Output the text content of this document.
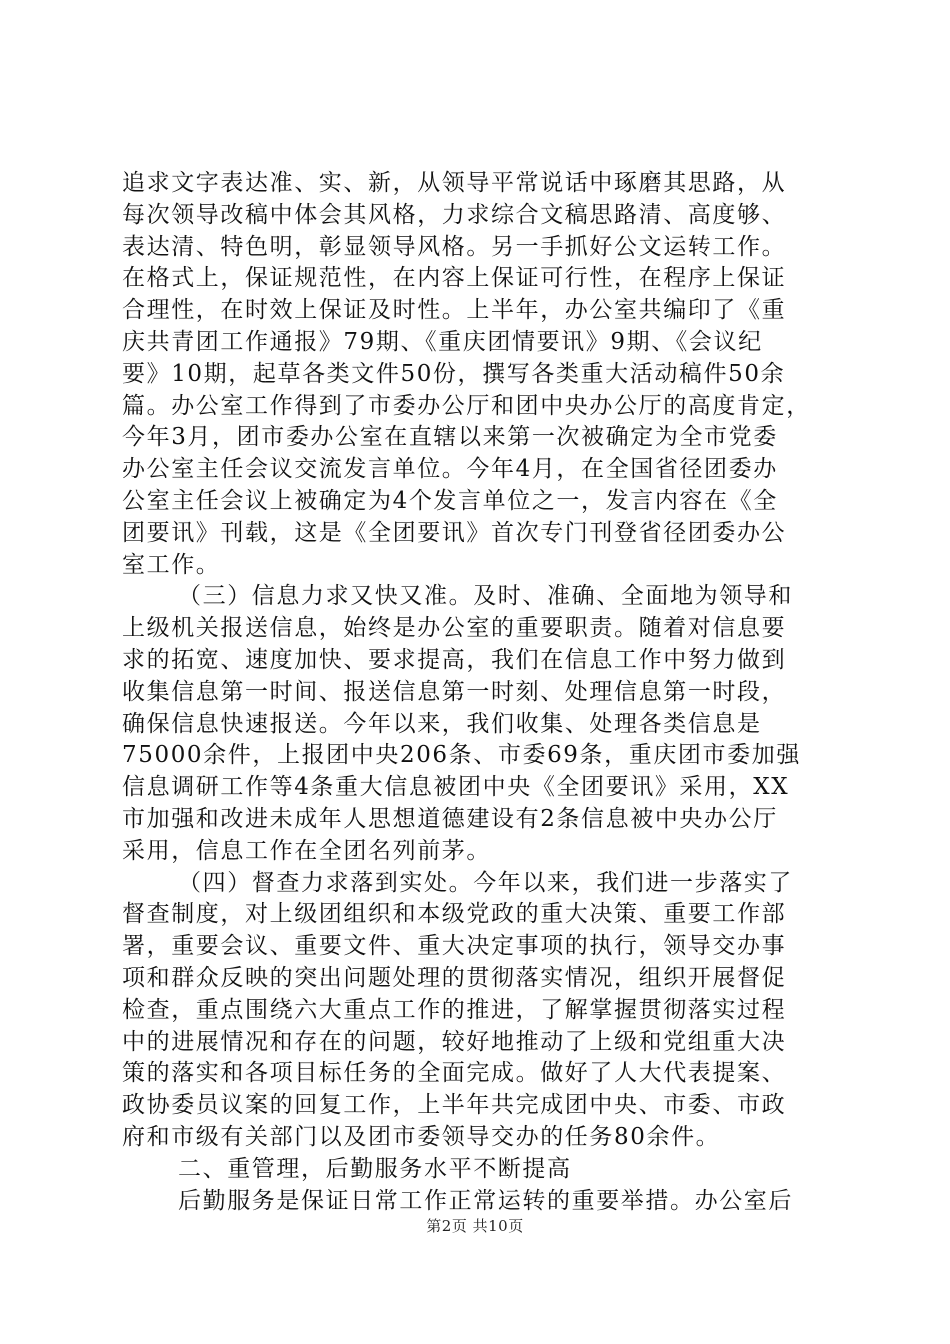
追求文字表达准、实、新，从领导平常说话中琢磨其思路，从
每次领导改稿中体会其风格，力求综合文稿思路清、高度够、
表达清、特色明，彰显领导风格。另一手抓好公文运转工作。
在格式上，保证规范性，在内容上保证可行性，在程序上保证
合理性，在时效上保证及时性。上半年，办公室共编印了《重
庆共青团工作通报》79期、《重庆团情要讯》9期、《会议纪
要》10期，起草各类文件50份，撰写各类重大活动稿件50余
篇。办公室工作得到了市委办公厅和团中央办公厅的高度肯定，
今年3月，团市委办公室在直辖以来第一次被确定为全市党委
办公室主任会议交流发言单位。今年4月，在全国省径团委办
公室主任会议上被确定为4个发言单位之一，发言内容在《全
团要讯》刊载，这是《全团要讯》首次专门刊登省径团委办公
室工作。
（三）信息力求又快又准。及时、准确、全面地为领导和
上级机关报送信息，始终是办公室的重要职责。随着对信息要
求的拓宽、速度加快、要求提高，我们在信息工作中努力做到
收集信息第一时间、报送信息第一时刻、处理信息第一时段，
确保信息快速报送。今年以来，我们收集、处理各类信息是
75000余件，上报团中央206条、市委69条，重庆团市委加强
信息调研工作等4条重大信息被团中央《全团要讯》采用，XX
市加强和改进未成年人思想道德建设有2条信息被中央办公厅
采用，信息工作在全团名列前茅。
（四）督查力求落到实处。今年以来，我们进一步落实了
督查制度，对上级团组织和本级党政的重大决策、重要工作部
署，重要会议、重要文件、重大决定事项的执行，领导交办事
项和群众反映的突出问题处理的贯彻落实情况，组织开展督促
检查，重点围绕六大重点工作的推进，了解掌握贯彻落实过程
中的进展情况和存在的问题，较好地推动了上级和党组重大决
策的落实和各项目标任务的全面完成。做好了人大代表提案、
政协委员议案的回复工作，上半年共完成团中央、市委、市政
府和市级有关部门以及团市委领导交办的任务80余件。
二、重管理，后勤服务水平不断提高
后勤服务是保证日常工作正常运转的重要举措。办公室后
第2页 共10页
